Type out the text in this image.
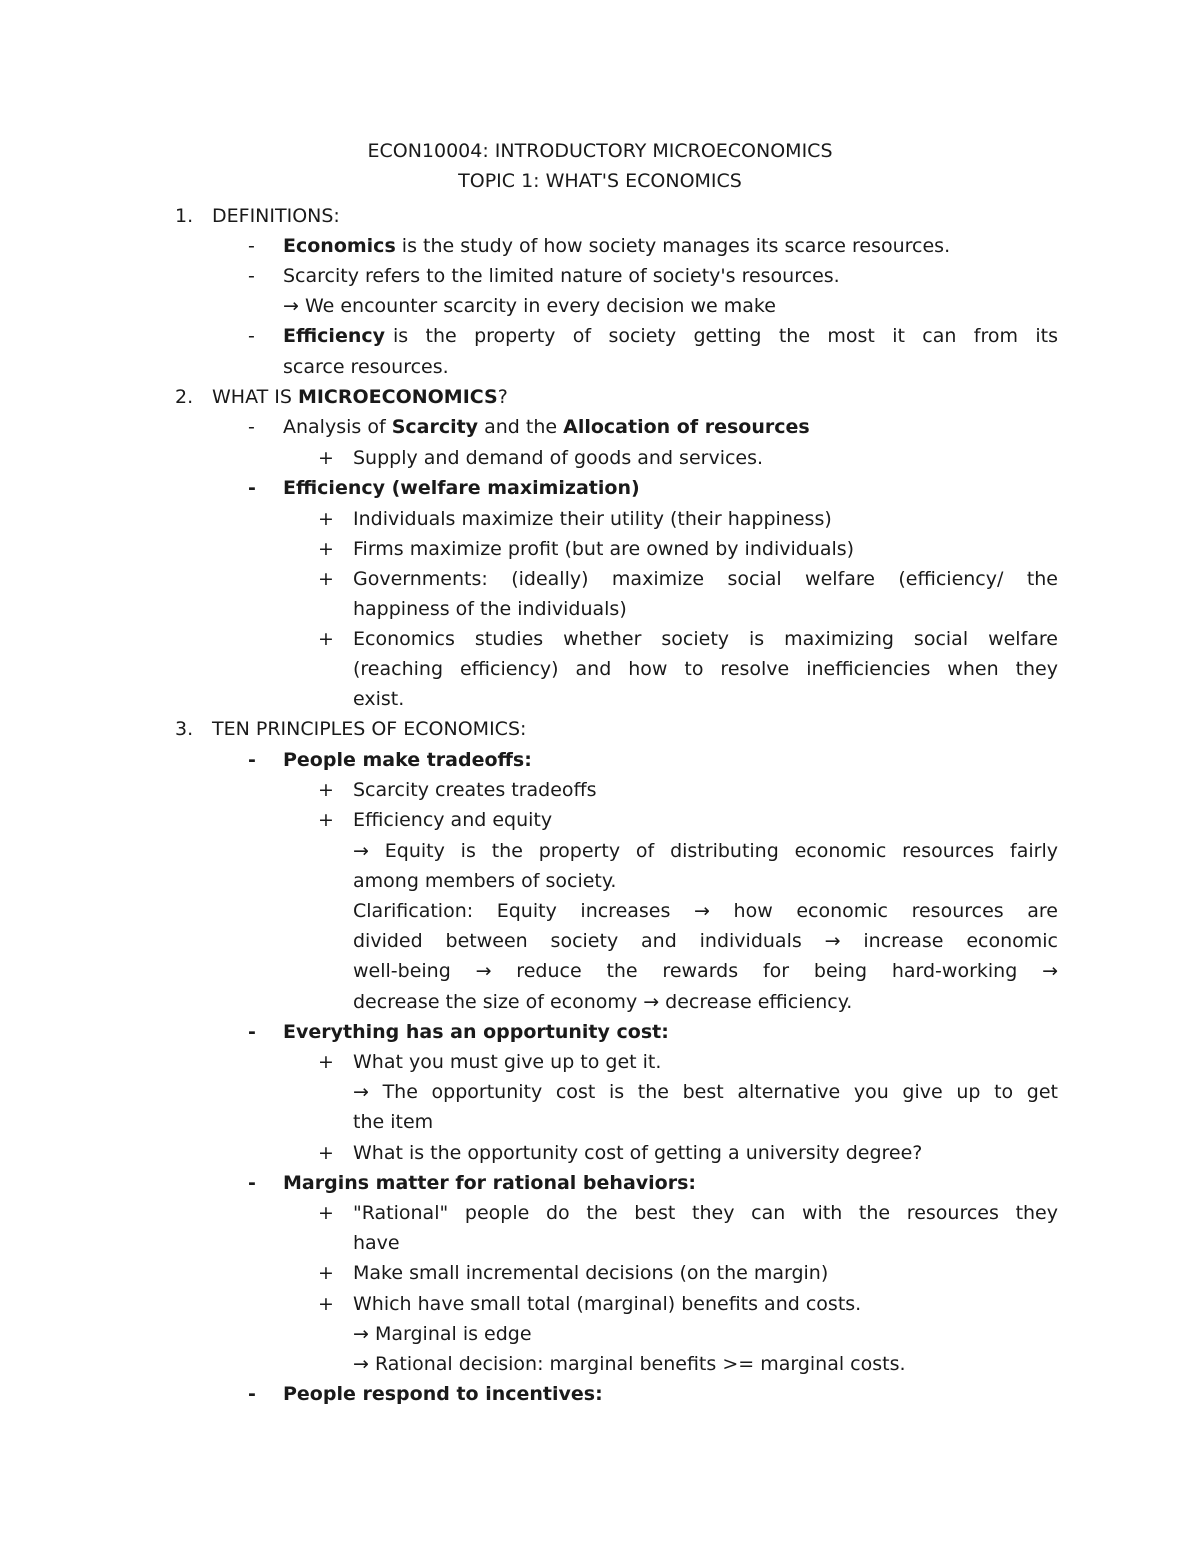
ECON10004: INTRODUCTORY MICROECONOMICS
TOPIC 1: WHAT'S ECONOMICS
1. DEFINITIONS:
- Economics is the study of how society manages its scarce resources.
- Scarcity refers to the limited nature of society's resources.
→ We encounter scarcity in every decision we make
- Efficiency is the property of society getting the most it can from its
scarce resources.
2. WHAT IS MICROECONOMICS?
- Analysis of Scarcity and the Allocation of resources
+ Supply and demand of goods and services.
- Efficiency (welfare maximization)
+ Individuals maximize their utility (their happiness)
+ Firms maximize profit (but are owned by individuals)
+ Governments: (ideally) maximize social welfare (efficiency/ the
happiness of the individuals)
+ Economics studies whether society is maximizing social welfare
(reaching efficiency) and how to resolve inefficiencies when they
exist.
3. TEN PRINCIPLES OF ECONOMICS:
- People make tradeoffs:
+ Scarcity creates tradeoffs
+ Efficiency and equity
→ Equity is the property of distributing economic resources fairly
among members of society.
Clarification: Equity increases → how economic resources are
divided between society and individuals → increase economic
well-being → reduce the rewards for being hard-working →
decrease the size of economy → decrease efficiency.
- Everything has an opportunity cost:
+ What you must give up to get it.
→ The opportunity cost is the best alternative you give up to get
the item
+ What is the opportunity cost of getting a university degree?
- Margins matter for rational behaviors:
+ "Rational" people do the best they can with the resources they
have
+ Make small incremental decisions (on the margin)
+ Which have small total (marginal) benefits and costs.
→ Marginal is edge
→ Rational decision: marginal benefits >= marginal costs.
- People respond to incentives:
